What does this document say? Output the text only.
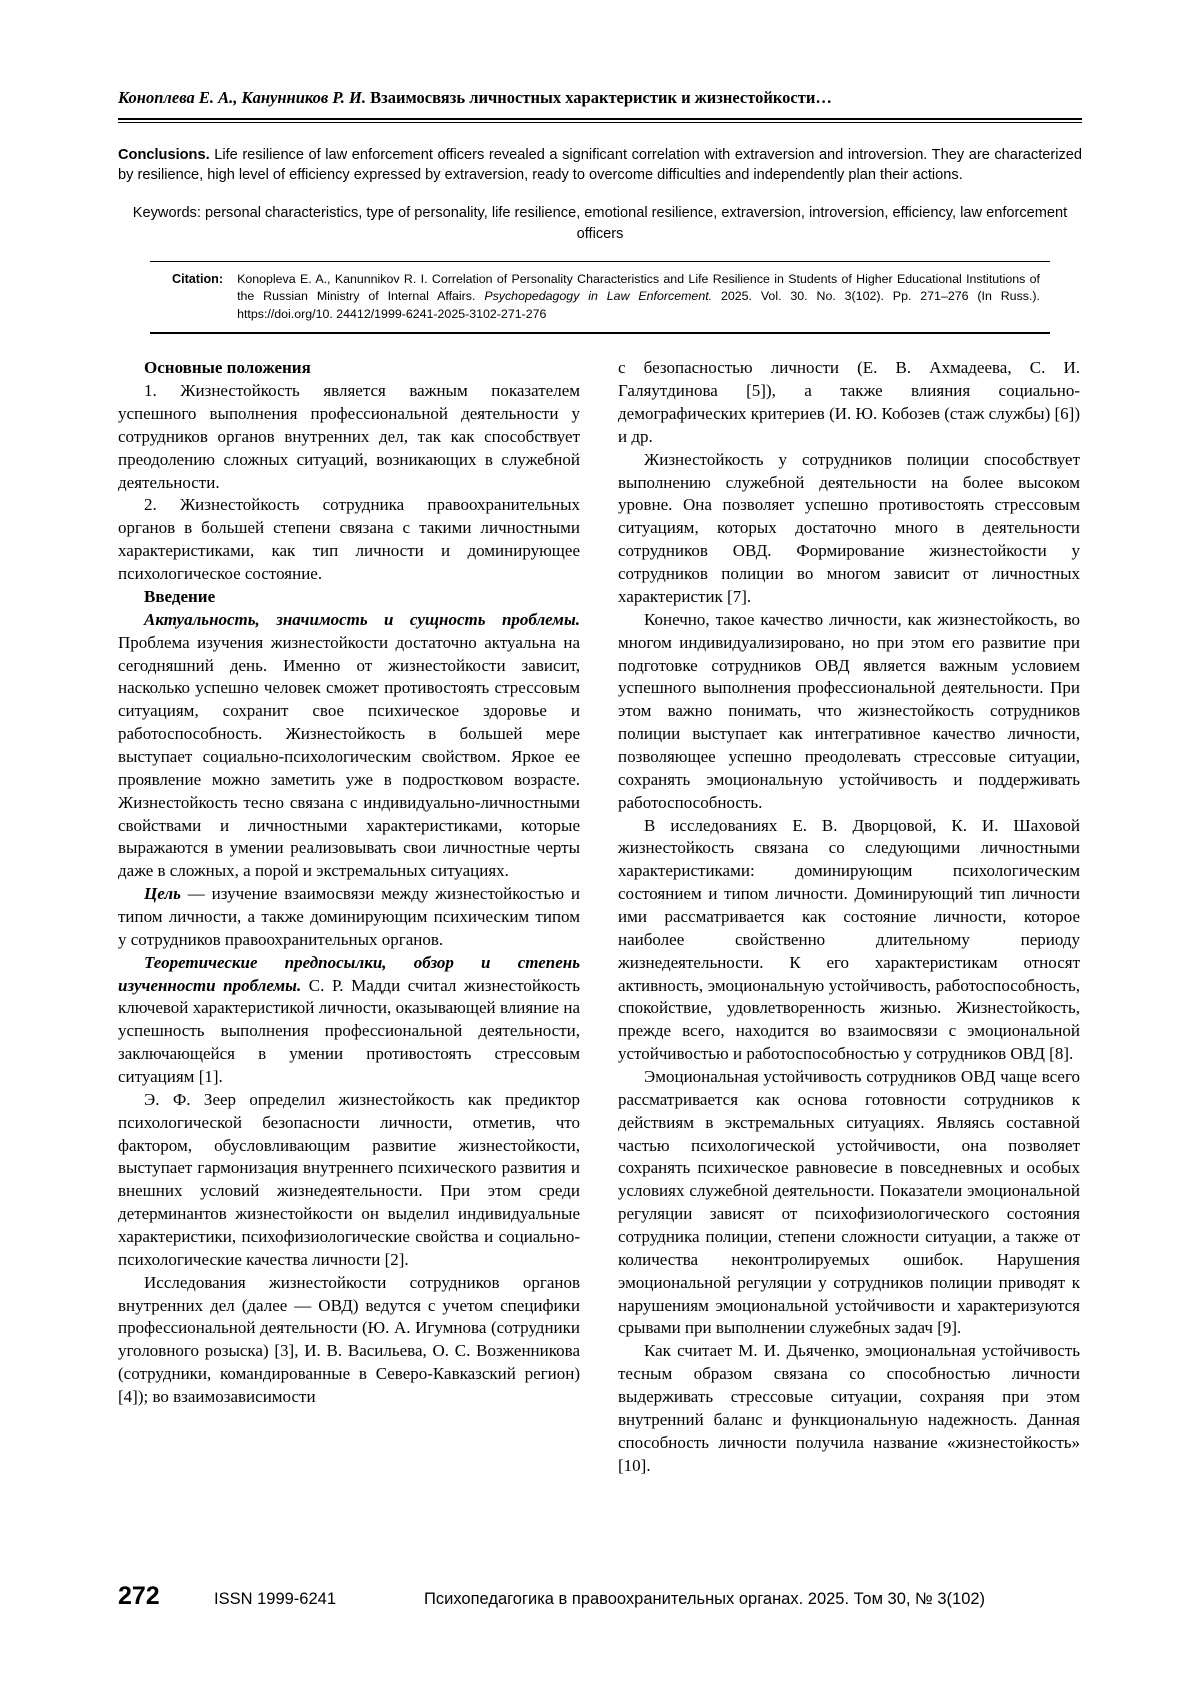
Коноплева Е. А., Канунников Р. И. Взаимосвязь личностных характеристик и жизнестойкости…
Conclusions. Life resilience of law enforcement officers revealed a significant correlation with extraversion and introversion. They are characterized by resilience, high level of efficiency expressed by extraversion, ready to overcome difficulties and independently plan their actions.
Keywords: personal characteristics, type of personality, life resilience, emotional resilience, extraversion, introversion, efficiency, law enforcement officers
Citation: Konopleva E. A., Kanunnikov R. I. Correlation of Personality Characteristics and Life Resilience in Students of Higher Educational Institutions of the Russian Ministry of Internal Affairs. Psychopedagogy in Law Enforcement. 2025. Vol. 30. No. 3(102). Pp. 271–276 (In Russ.). https://doi.org/10. 24412/1999-6241-2025-3102-271-276

Основные положения

1. Жизнестойкость является важным показателем успешного выполнения профессиональной деятельности у сотрудников органов внутренних дел, так как способствует преодолению сложных ситуаций, возникающих в служебной деятельности.

2. Жизнестойкость сотрудника правоохранительных органов в большей степени связана с такими личностными характеристиками, как тип личности и доминирующее психологическое состояние.

Введение

Актуальность, значимость и сущность проблемы. Проблема изучения жизнестойкости достаточно актуальна на сегодняшний день. Именно от жизнестойкости зависит, насколько успешно человек сможет противостоять стрессовым ситуациям, сохранит свое психическое здоровье и работоспособность. Жизнестойкость в большей мере выступает социально-психологическим свойством. Яркое ее проявление можно заметить уже в подростковом возрасте. Жизнестойкость тесно связана с индивидуально-личностными свойствами и личностными характеристиками, которые выражаются в умении реализовывать свои личностные черты даже в сложных, а порой и экстремальных ситуациях.

Цель — изучение взаимосвязи между жизнестойкостью и типом личности, а также доминирующим психическим типом у сотрудников правоохранительных органов.

Теоретические предпосылки, обзор и степень изученности проблемы. С. Р. Мадди считал жизнестойкость ключевой характеристикой личности, оказывающей влияние на успешность выполнения профессиональной деятельности, заключающейся в умении противостоять стрессовым ситуациям [1].

Э. Ф. Зеер определил жизнестойкость как предиктор психологической безопасности личности, отметив, что фактором, обусловливающим развитие жизнестойкости, выступает гармонизация внутреннего психического развития и внешних условий жизнедеятельности. При этом среди детерминантов жизнестойкости он выделил индивидуальные характеристики, психофизиологические свойства и социально-психологические качества личности [2].

Исследования жизнестойкости сотрудников органов внутренних дел (далее — ОВД) ведутся с учетом специфики профессиональной деятельности (Ю. А. Игумнова (сотрудники уголовного розыска) [3], И. В. Васильева, О. С. Возженникова (сотрудники, командированные в Северо-Кавказский регион) [4]); во взаимозависимости

с безопасностью личности (Е. В. Ахмадеева, С. И. Галяутдинова [5]), а также влияния социально-демографических критериев (И. Ю. Кобозев (стаж службы) [6]) и др.

Жизнестойкость у сотрудников полиции способствует выполнению служебной деятельности на более высоком уровне. Она позволяет успешно противостоять стрессовым ситуациям, которых достаточно много в деятельности сотрудников ОВД. Формирование жизнестойкости у сотрудников полиции во многом зависит от личностных характеристик [7].

Конечно, такое качество личности, как жизнестойкость, во многом индивидуализировано, но при этом его развитие при подготовке сотрудников ОВД является важным условием успешного выполнения профессиональной деятельности. При этом важно понимать, что жизнестойкость сотрудников полиции выступает как интегративное качество личности, позволяющее успешно преодолевать стрессовые ситуации, сохранять эмоциональную устойчивость и поддерживать работоспособность.

В исследованиях Е. В. Дворцовой, К. И. Шаховой жизнестойкость связана со следующими личностными характеристиками: доминирующим психологическим состоянием и типом личности. Доминирующий тип личности ими рассматривается как состояние личности, которое наиболее свойственно длительному периоду жизнедеятельности. К его характеристикам относят активность, эмоциональную устойчивость, работоспособность, спокойствие, удовлетворенность жизнью. Жизнестойкость, прежде всего, находится во взаимосвязи с эмоциональной устойчивостью и работоспособностью у сотрудников ОВД [8].

Эмоциональная устойчивость сотрудников ОВД чаще всего рассматривается как основа готовности сотрудников к действиям в экстремальных ситуациях. Являясь составной частью психологической устойчивости, она позволяет сохранять психическое равновесие в повседневных и особых условиях служебной деятельности. Показатели эмоциональной регуляции зависят от психофизиологического состояния сотрудника полиции, степени сложности ситуации, а также от количества неконтролируемых ошибок. Нарушения эмоциональной регуляции у сотрудников полиции приводят к нарушениям эмоциональной устойчивости и характеризуются срывами при выполнении служебных задач [9].

Как считает М. И. Дьяченко, эмоциональная устойчивость тесным образом связана со способностью личности выдерживать стрессовые ситуации, сохраняя при этом внутренний баланс и функциональную надежность. Данная способность личности получила название «жизнестойкость» [10].

272	ISSN 1999-6241	Психопедагогика в правоохранительных органах. 2025. Том 30, № 3(102)
